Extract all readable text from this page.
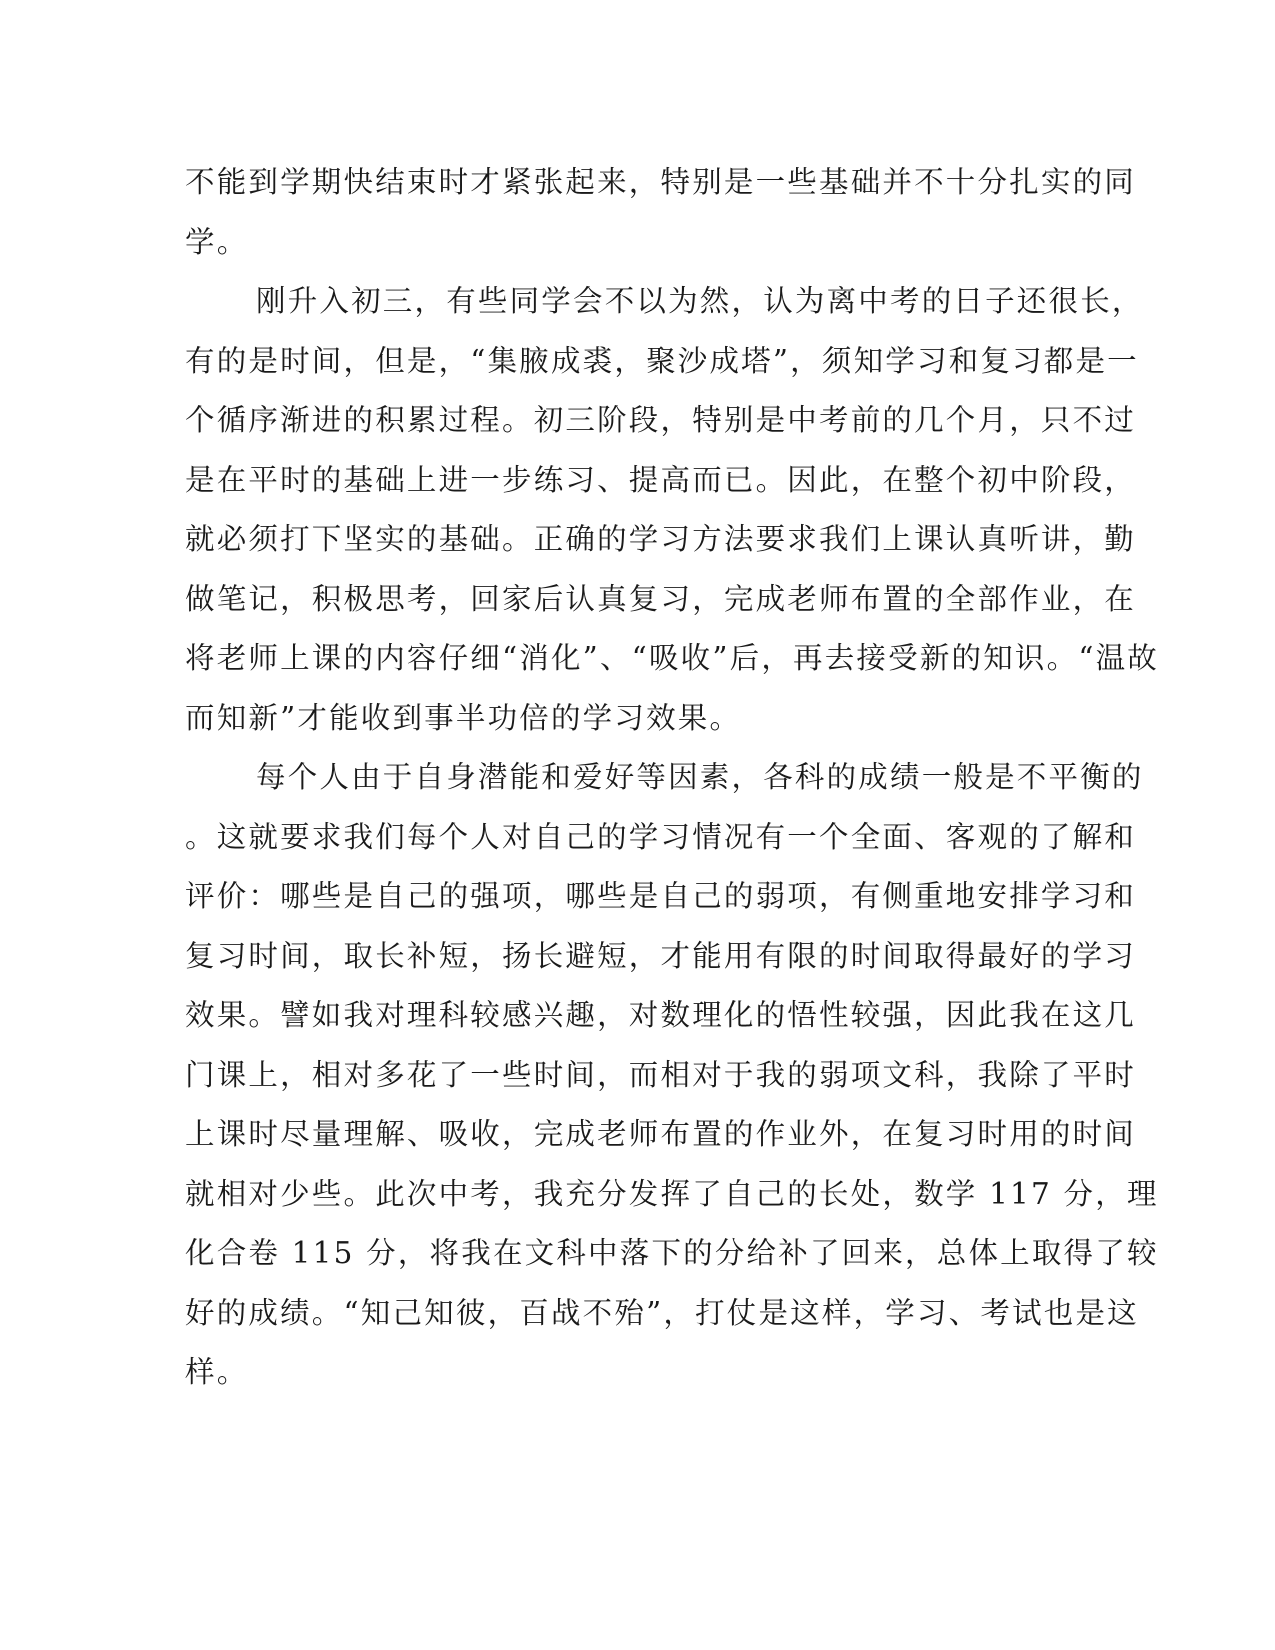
不能到学期快结束时才紧张起来，特别是一些基础并不十分扎实的同
学。
刚升入初三，有些同学会不以为然，认为离中考的日子还很长，
有的是时间，但是，“集腋成裘，聚沙成塔”，须知学习和复习都是一
个循序渐进的积累过程。初三阶段，特别是中考前的几个月，只不过
是在平时的基础上进一步练习、提高而已。因此，在整个初中阶段，
就必须打下坚实的基础。正确的学习方法要求我们上课认真听讲，勤
做笔记，积极思考，回家后认真复习，完成老师布置的全部作业，在
将老师上课的内容仔细“消化”、“吸收”后，再去接受新的知识。“温故
而知新”才能收到事半功倍的学习效果。
每个人由于自身潜能和爱好等因素，各科的成绩一般是不平衡的
。这就要求我们每个人对自己的学习情况有一个全面、客观的了解和
评价：哪些是自己的强项，哪些是自己的弱项，有侧重地安排学习和
复习时间，取长补短，扬长避短，才能用有限的时间取得最好的学习
效果。譬如我对理科较感兴趣，对数理化的悟性较强，因此我在这几
门课上，相对多花了一些时间，而相对于我的弱项文科，我除了平时
上课时尽量理解、吸收，完成老师布置的作业外，在复习时用的时间
就相对少些。此次中考，我充分发挥了自己的长处，数学 117 分，理
化合卷 115 分，将我在文科中落下的分给补了回来，总体上取得了较
好的成绩。“知己知彼，百战不殆”，打仗是这样，学习、考试也是这
样。
